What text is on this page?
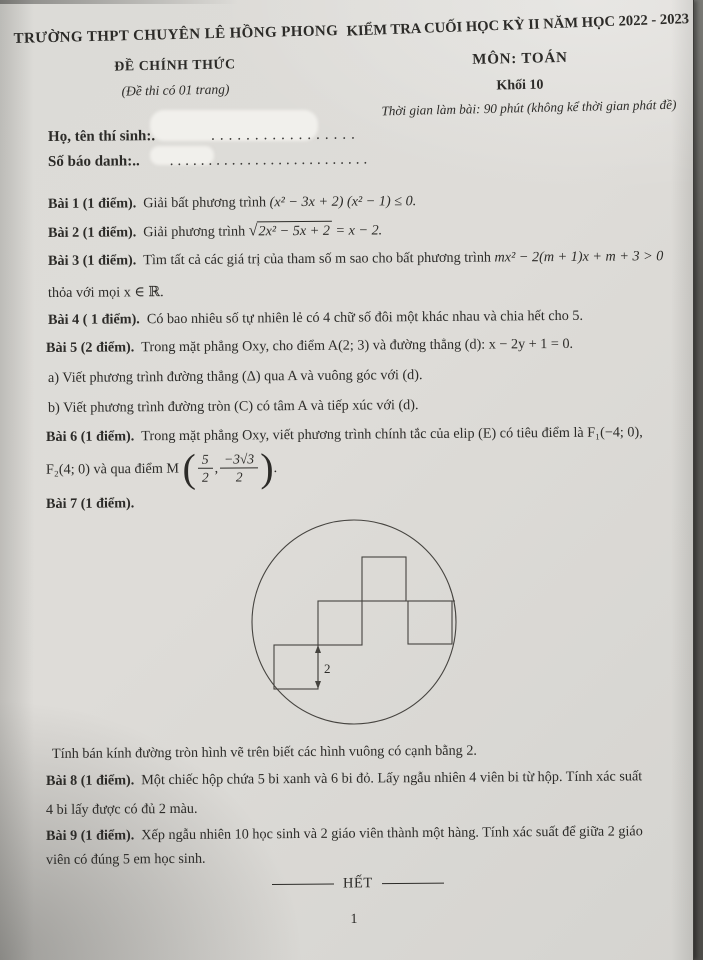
TRƯỜNG THPT CHUYÊN LÊ HỒNG PHONG
ĐỀ CHÍNH THỨC
(Đề thi có 01 trang)
KIỂM TRA CUỐI HỌC KỲ II NĂM HỌC 2022 - 2023
MÔN: TOÁN
Khối 10
Thời gian làm bài: 90 phút (không kể thời gian phát đề)
Họ, tên thí sinh:.	.................
Số báo danh:.. ..........................
Bài 1 (1 điểm). Giải bất phương trình (x² − 3x + 2) (x² − 1) ≤ 0.
Bài 2 (1 điểm). Giải phương trình √2x² − 5x + 2 = x − 2.
Bài 3 (1 điểm). Tìm tất cả các giá trị của tham số m sao cho bất phương trình mx² − 2(m + 1)x + m + 3 > 0
thỏa với mọi x ∈ ℝ.
Bài 4 ( 1 điểm). Có bao nhiêu số tự nhiên lẻ có 4 chữ số đôi một khác nhau và chia hết cho 5.
Bài 5 (2 điểm). Trong mặt phẳng Oxy, cho điểm A(2; 3) và đường thẳng (d): x − 2y + 1 = 0.
a) Viết phương trình đường thẳng (Δ) qua A và vuông góc với (d).
b) Viết phương trình đường tròn (C) có tâm A và tiếp xúc với (d).
Bài 6 (1 điểm). Trong mặt phẳng Oxy, viết phương trình chính tắc của elip (E) có tiêu điểm là F₁(−4; 0),
F₂(4; 0) và qua điểm M ( $\frac{5}{2}$ , $\frac{-3√3}{2}$ ).
Bài 7 (1 điểm).
2
Tính bán kính đường tròn hình vẽ trên biết các hình vuông có cạnh bằng 2.
Bài 8 (1 điểm). Một chiếc hộp chứa 5 bi xanh và 6 bi đỏ. Lấy ngẫu nhiên 4 viên bi từ hộp. Tính xác suất
4 bi lấy được có đủ 2 màu.
Bài 9 (1 điểm). Xếp ngẫu nhiên 10 học sinh và 2 giáo viên thành một hàng. Tính xác suất để giữa 2 giáo
viên có đúng 5 em học sinh.
HẾT
1
